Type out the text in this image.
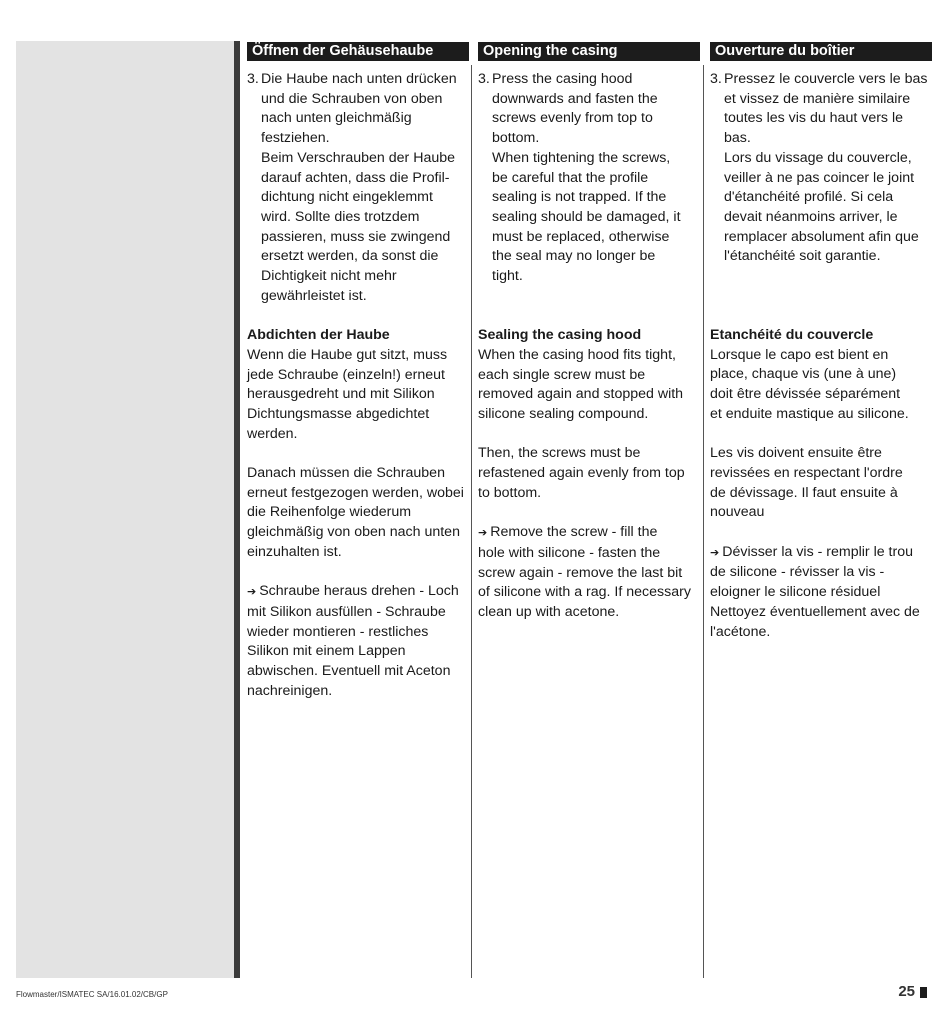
Öffnen der Gehäusehaube
3. Die Haube nach unten drücken
und die Schrauben von oben
nach unten gleichmäßig
festziehen.
Beim Verschrauben der Haube
darauf achten, dass die Profil-
dichtung nicht eingeklemmt
wird. Sollte dies trotzdem
passieren, muss sie zwingend
ersetzt werden, da sonst die
Dichtigkeit nicht mehr
gewährleistet ist.
Abdichten der Haube
Wenn die Haube gut sitzt, muss
jede Schraube (einzeln!) erneut
herausgedreht und mit Silikon
Dichtungsmasse abgedichtet
werden.
Danach müssen die Schrauben
erneut festgezogen werden, wobei
die Reihenfolge wiederum
gleichmäßig von oben nach unten
einzuhalten ist.
➔ Schraube heraus drehen - Loch
mit Silikon ausfüllen - Schraube
wieder montieren - restliches
Silikon mit einem Lappen
abwischen. Eventuell mit Aceton
nachreinigen.
Opening the casing
3. Press the casing hood
downwards and fasten the
screws evenly from top to
bottom.
When tightening the screws,
be careful that the profile
sealing is not trapped. If the
sealing should be damaged, it
must be replaced, otherwise
the seal may no longer be
tight.
Sealing the casing hood
When the casing hood fits tight,
each single screw must be
removed again and stopped with
silicone sealing compound.
Then, the screws must be
refastened again evenly from top
to bottom.
➔ Remove the screw - fill the
hole with silicone - fasten the
screw again - remove the last bit
of silicone with a rag. If necessary
clean up with acetone.
Ouverture du boîtier
3. Pressez le couvercle vers le bas
et vissez de manière similaire
toutes les vis du haut vers le
bas.
Lors du vissage du couvercle,
veiller à ne pas coincer le joint
d'étanchéité profilé. Si cela
devait néanmoins arriver, le
remplacer absolument afin que
l'étanchéité soit garantie.
Etanchéité du couvercle
Lorsque le capo est bient en
place, chaque vis (une à une)
doit être dévissée séparément
et enduite mastique au silicone.
Les vis doivent ensuite être
revissées en respectant l'ordre
de dévissage. Il faut ensuite à
nouveau
➔ Dévisser la vis - remplir le trou
de silicone - révisser la vis -
eloigner le silicone résiduel
Nettoyez éventuellement avec de
l'acétone.
Flowmaster/ISMATEC SA/16.01.02/CB/GP	25
